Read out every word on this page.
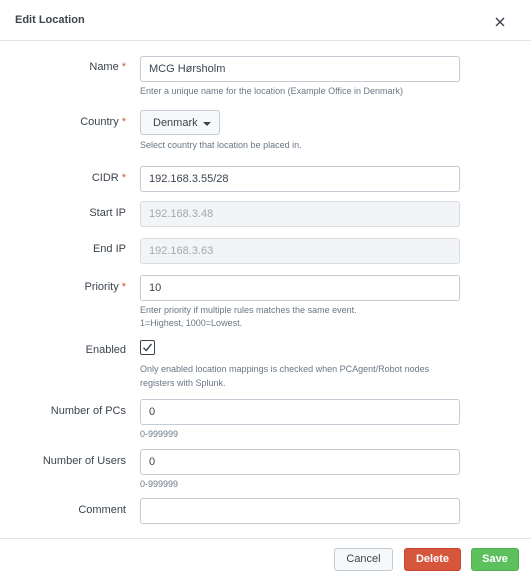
Edit Location
Name *
MCG Hørsholm
Enter a unique name for the location (Example Office in Denmark)
Country * Denmark
Select country that location be placed in.
CIDR *
192.168.3.55/28
Start IP
192.168.3.48
End IP
192.168.3.63
Priority *
10
Enter priority if multiple rules matches the same event.
1=Highest, 1000=Lowest.
Enabled
Only enabled location mappings is checked when PCAgent/Robot nodes
registers with Splunk.
Number of PCs
0
0-999999
Number of Users
0
0-999999
Comment
Cancel	Delete	Save
